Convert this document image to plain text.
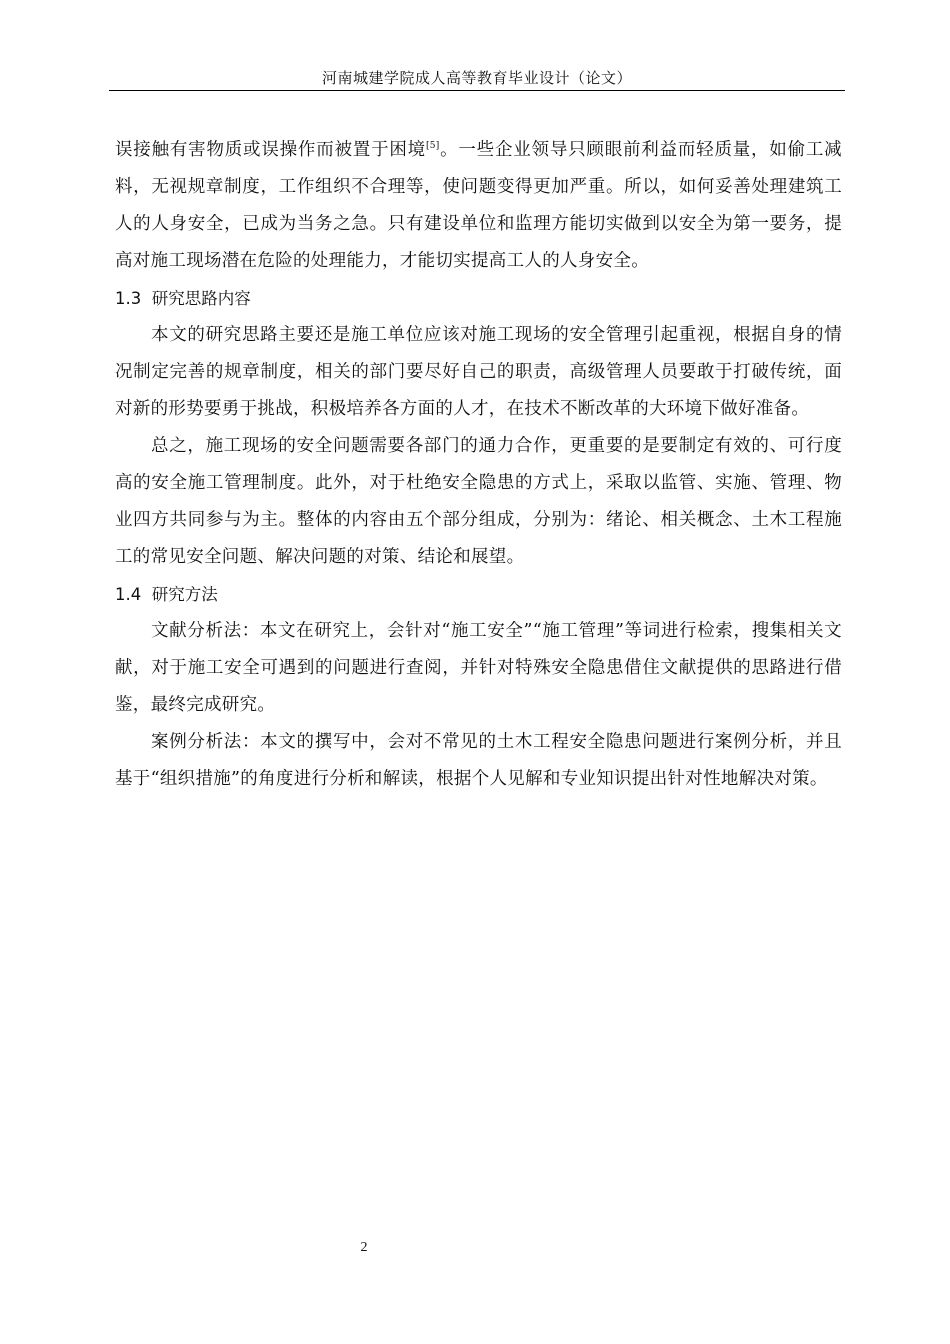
河南城建学院成人高等教育毕业设计（论文）

误接触有害物质或误操作而被置于困境[5]。一些企业领导只顾眼前利益而轻质量，如偷工减料，无视规章制度，工作组织不合理等，使问题变得更加严重。所以，如何妥善处理建筑工人的人身安全，已成为当务之急。只有建设单位和监理方能切实做到以安全为第一要务，提高对施工现场潜在危险的处理能力，才能切实提高工人的人身安全。

1.3 研究思路内容

本文的研究思路主要还是施工单位应该对施工现场的安全管理引起重视，根据自身的情况制定完善的规章制度，相关的部门要尽好自己的职责，高级管理人员要敢于打破传统，面对新的形势要勇于挑战，积极培养各方面的人才，在技术不断改革的大环境下做好准备。

总之，施工现场的安全问题需要各部门的通力合作，更重要的是要制定有效的、可行度高的安全施工管理制度。此外，对于杜绝安全隐患的方式上，采取以监管、实施、管理、物业四方共同参与为主。整体的内容由五个部分组成，分别为：绪论、相关概念、土木工程施工的常见安全问题、解决问题的对策、结论和展望。

1.4 研究方法

文献分析法：本文在研究上，会针对“施工安全”“施工管理”等词进行检索，搜集相关文献，对于施工安全可遇到的问题进行查阅，并针对特殊安全隐患借住文献提供的思路进行借鉴，最终完成研究。

案例分析法：本文的撰写中，会对不常见的土木工程安全隐患问题进行案例分析，并且基于“组织措施”的角度进行分析和解读，根据个人见解和专业知识提出针对性地解决对策。

2
